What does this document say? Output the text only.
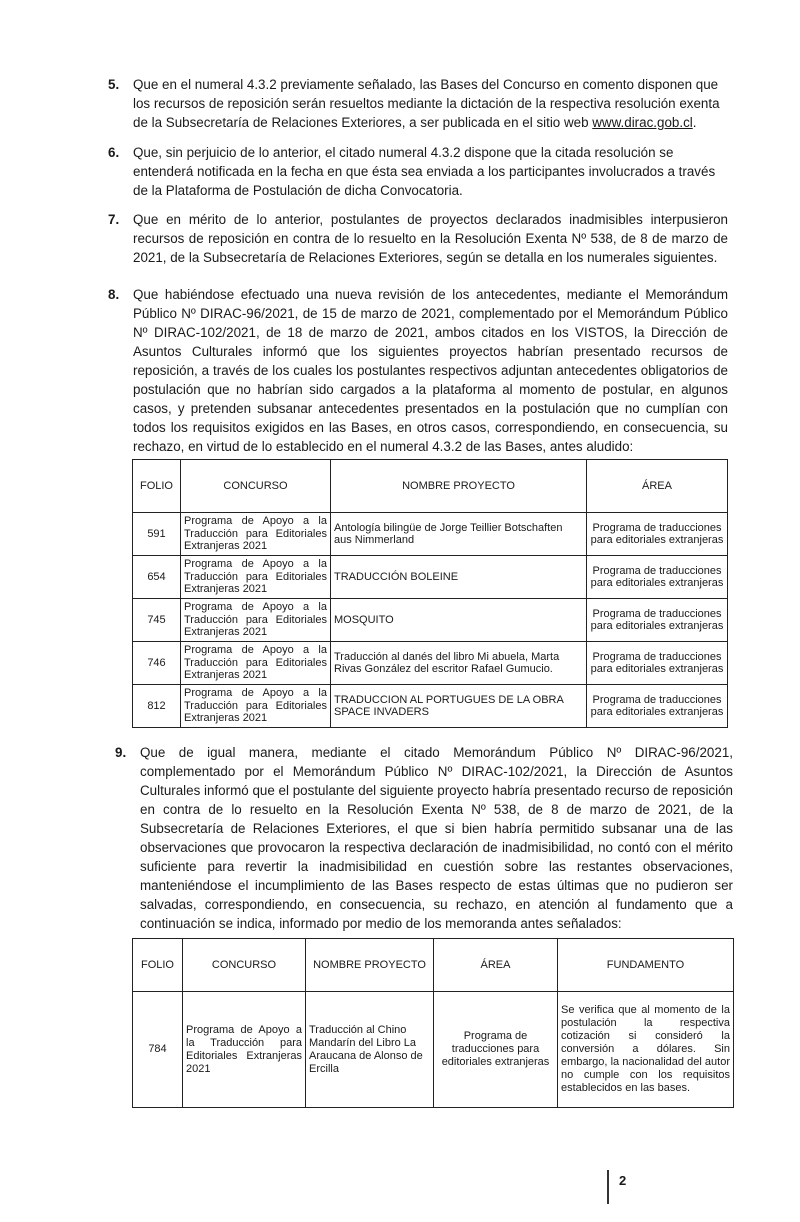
5. Que en el numeral 4.3.2 previamente señalado, las Bases del Concurso en comento disponen que los recursos de reposición serán resueltos mediante la dictación de la respectiva resolución exenta de la Subsecretaría de Relaciones Exteriores, a ser publicada en el sitio web www.dirac.gob.cl.
6. Que, sin perjuicio de lo anterior, el citado numeral 4.3.2 dispone que la citada resolución se entenderá notificada en la fecha en que ésta sea enviada a los participantes involucrados a través de la Plataforma de Postulación de dicha Convocatoria.
7. Que en mérito de lo anterior, postulantes de proyectos declarados inadmisibles interpusieron recursos de reposición en contra de lo resuelto en la Resolución Exenta Nº 538, de 8 de marzo de 2021, de la Subsecretaría de Relaciones Exteriores, según se detalla en los numerales siguientes.
8. Que habiéndose efectuado una nueva revisión de los antecedentes, mediante el Memorándum Público Nº DIRAC-96/2021, de 15 de marzo de 2021, complementado por el Memorándum Público Nº DIRAC-102/2021, de 18 de marzo de 2021, ambos citados en los VISTOS, la Dirección de Asuntos Culturales informó que los siguientes proyectos habrían presentado recursos de reposición, a través de los cuales los postulantes respectivos adjuntan antecedentes obligatorios de postulación que no habrían sido cargados a la plataforma al momento de postular, en algunos casos, y pretenden subsanar antecedentes presentados en la postulación que no cumplían con todos los requisitos exigidos en las Bases, en otros casos, correspondiendo, en consecuencia, su rechazo, en virtud de lo establecido en el numeral 4.3.2 de las Bases, antes aludido:
FOLIO	CONCURSO	NOMBRE PROYECTO	ÁREA
591	Programa de Apoyo a la Traducción para Editoriales Extranjeras 2021	Antología bilingüe de Jorge Teillier Botschaften aus Nimmerland	Programa de traducciones para editoriales extranjeras
654	Programa de Apoyo a la Traducción para Editoriales Extranjeras 2021	TRADUCCIÓN BOLEINE	Programa de traducciones para editoriales extranjeras
745	Programa de Apoyo a la Traducción para Editoriales Extranjeras 2021	MOSQUITO	Programa de traducciones para editoriales extranjeras
746	Programa de Apoyo a la Traducción para Editoriales Extranjeras 2021	Traducción al danés del libro Mi abuela, Marta Rivas González del escritor Rafael Gumucio.	Programa de traducciones para editoriales extranjeras
812	Programa de Apoyo a la Traducción para Editoriales Extranjeras 2021	TRADUCCION AL PORTUGUES DE LA OBRA SPACE INVADERS	Programa de traducciones para editoriales extranjeras
9. Que de igual manera, mediante el citado Memorándum Público Nº DIRAC-96/2021, complementado por el Memorándum Público Nº DIRAC-102/2021, la Dirección de Asuntos Culturales informó que el postulante del siguiente proyecto habría presentado recurso de reposición en contra de lo resuelto en la Resolución Exenta Nº 538, de 8 de marzo de 2021, de la Subsecretaría de Relaciones Exteriores, el que si bien habría permitido subsanar una de las observaciones que provocaron la respectiva declaración de inadmisibilidad, no contó con el mérito suficiente para revertir la inadmisibilidad en cuestión sobre las restantes observaciones, manteniéndose el incumplimiento de las Bases respecto de estas últimas que no pudieron ser salvadas, correspondiendo, en consecuencia, su rechazo, en atención al fundamento que a continuación se indica, informado por medio de los memoranda antes señalados:
FOLIO	CONCURSO	NOMBRE PROYECTO	ÁREA	FUNDAMENTO
784	Programa de Apoyo a la Traducción para Editoriales Extranjeras 2021	Traducción al Chino Mandarín del Libro La Araucana de Alonso de Ercilla	Programa de traducciones para editoriales extranjeras	Se verifica que al momento de la postulación la respectiva cotización si consideró la conversión a dólares. Sin embargo, la nacionalidad del autor no cumple con los requisitos establecidos en las bases.
2
